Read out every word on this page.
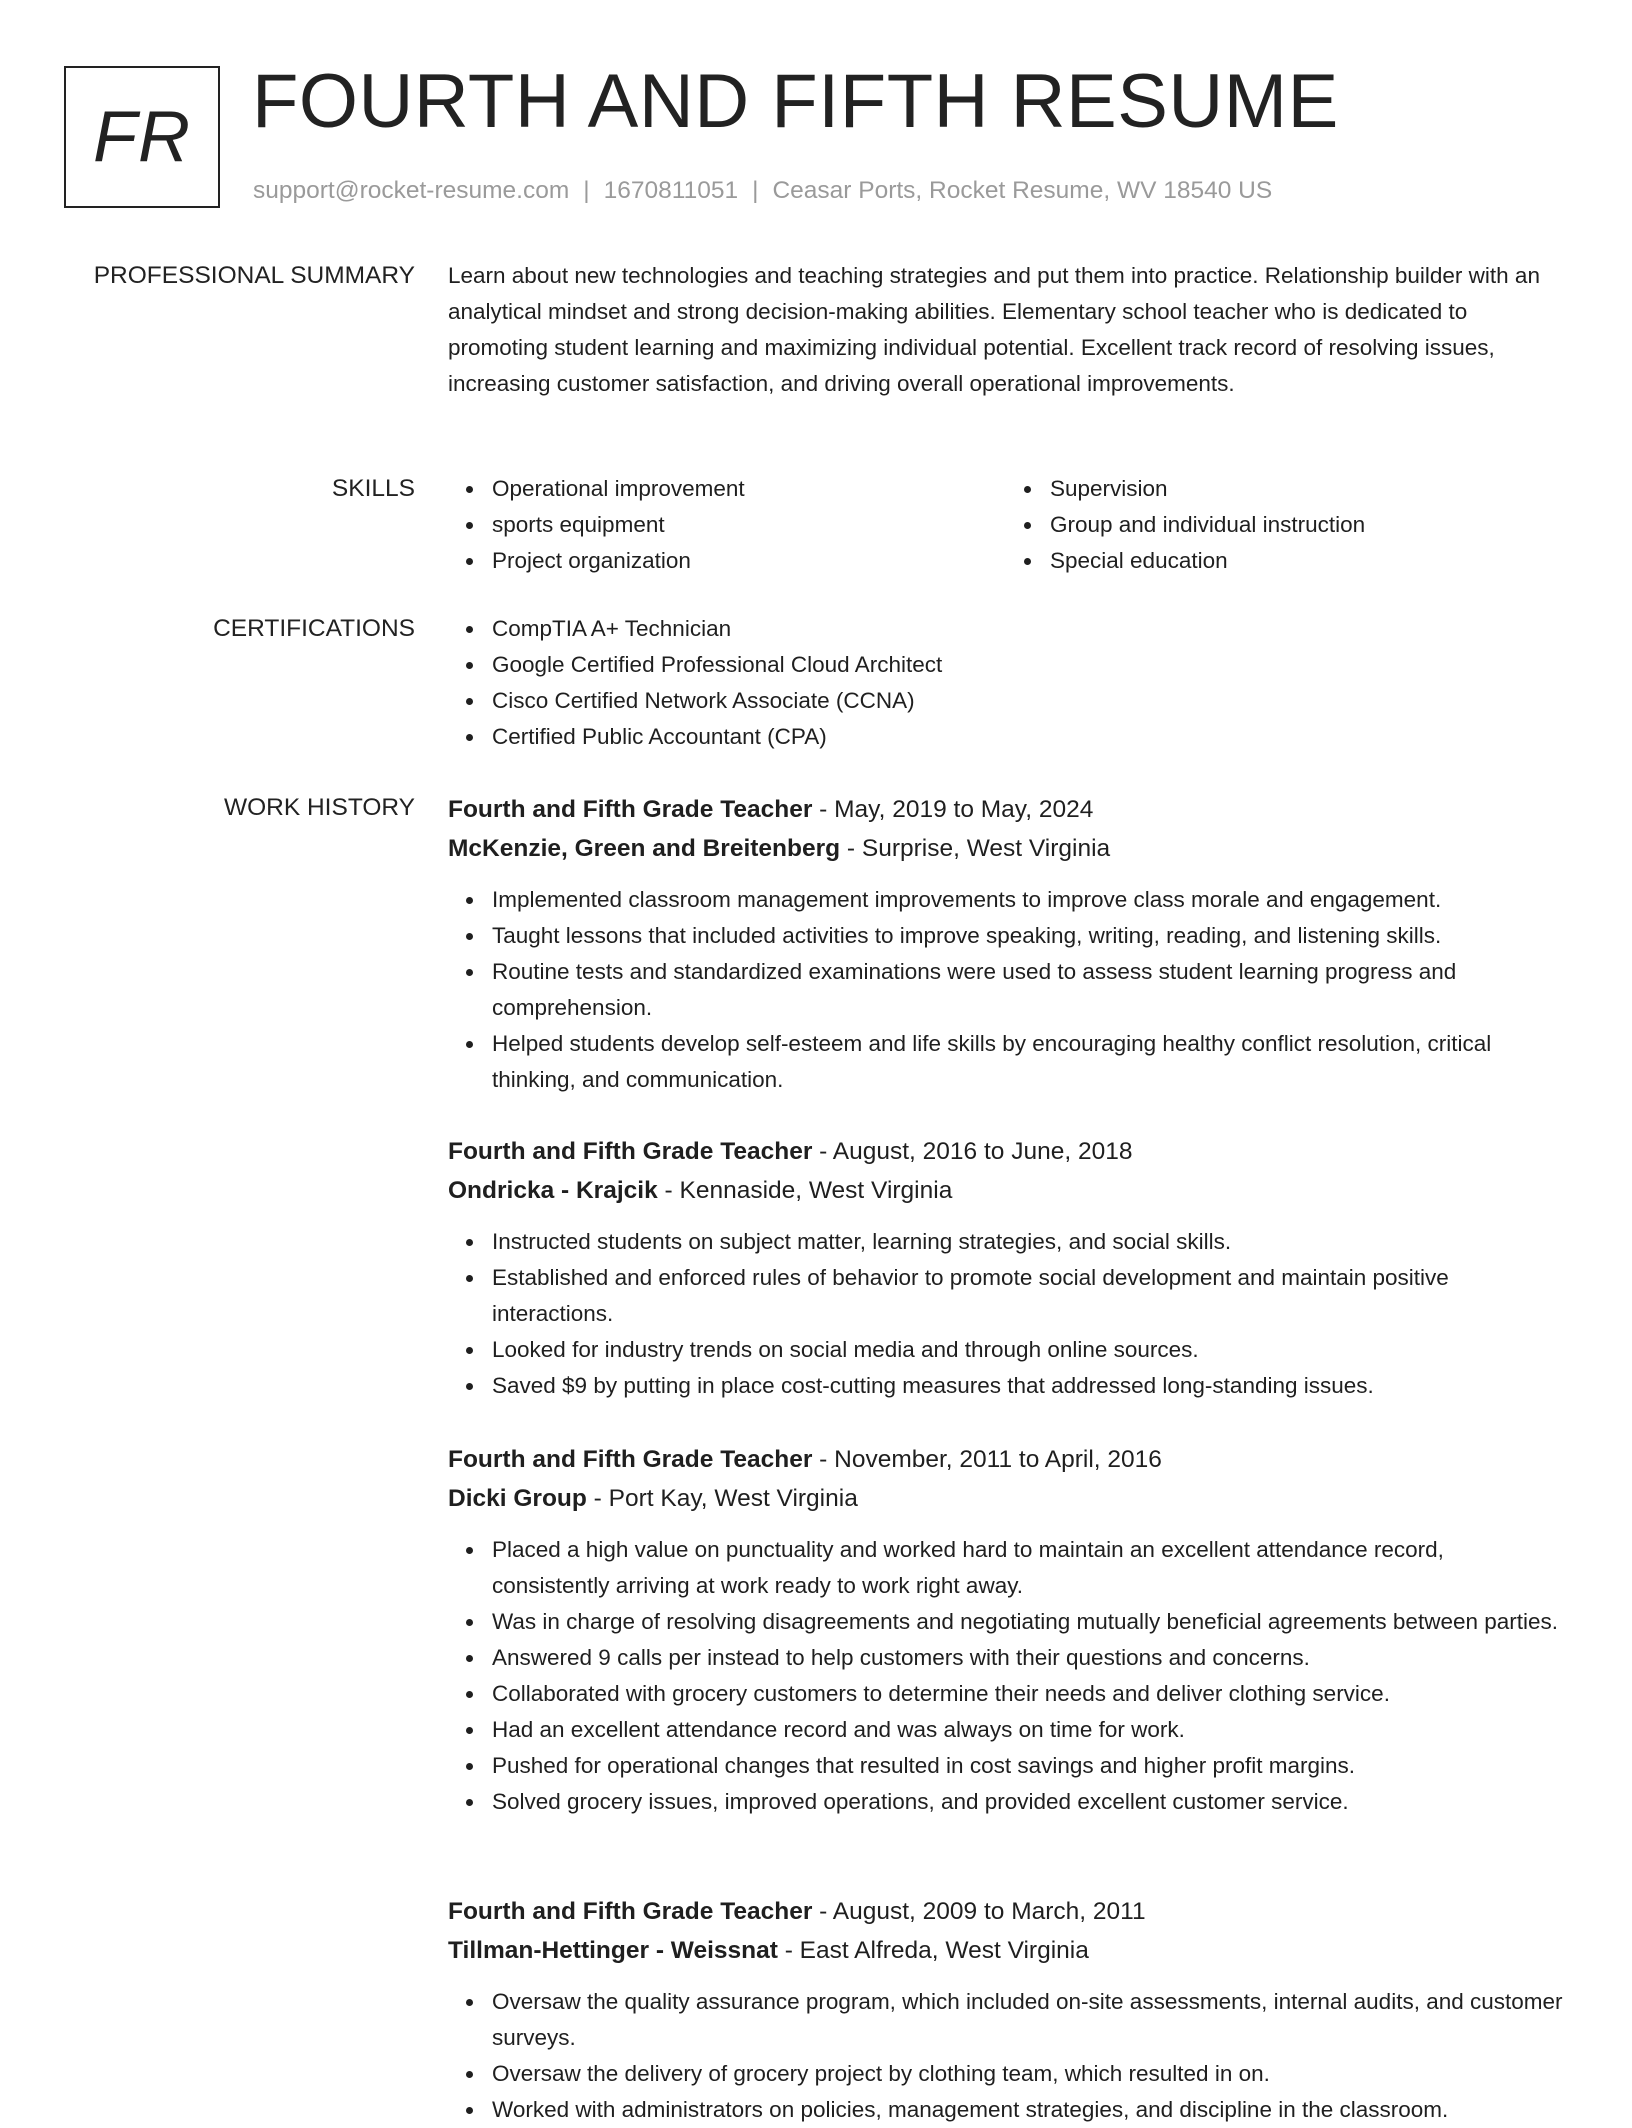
FR FOURTH AND FIFTH RESUME
support@rocket-resume.com | 1670811051 | Ceasar Ports, Rocket Resume, WV 18540 US
PROFESSIONAL SUMMARY Learn about new technologies and teaching strategies and put them into practice. Relationship builder with an analytical mindset and strong decision-making abilities. Elementary school teacher who is dedicated to promoting student learning and maximizing individual potential. Excellent track record of resolving issues, increasing customer satisfaction, and driving overall operational improvements.

SKILLS	Operational improvement
sports equipment
Project organization
Supervision
Group and individual instruction
Special education
CERTIFICATIONS	CompTIA A+ Technician
Google Certified Professional Cloud Architect
Cisco Certified Network Associate (CCNA)
Certified Public Accountant (CPA)
WORK HISTORY Fourth and Fifth Grade Teacher - May, 2019 to May, 2024
McKenzie, Green and Breitenberg - Surprise, West Virginia
Implemented classroom management improvements to improve class morale and engagement.
Taught lessons that included activities to improve speaking, writing, reading, and listening skills.
Routine tests and standardized examinations were used to assess student learning progress and comprehension.
Helped students develop self-esteem and life skills by encouraging healthy conflict resolution, critical thinking, and communication.
Fourth and Fifth Grade Teacher - August, 2016 to June, 2018
Ondricka - Krajcik - Kennaside, West Virginia
Instructed students on subject matter, learning strategies, and social skills.
Established and enforced rules of behavior to promote social development and maintain positive interactions.
Looked for industry trends on social media and through online sources.
Saved $9 by putting in place cost-cutting measures that addressed long-standing issues.
Fourth and Fifth Grade Teacher - November, 2011 to April, 2016
Dicki Group - Port Kay, West Virginia
Placed a high value on punctuality and worked hard to maintain an excellent attendance record, consistently arriving at work ready to work right away.
Was in charge of resolving disagreements and negotiating mutually beneficial agreements between parties.
Answered 9 calls per instead to help customers with their questions and concerns.
Collaborated with grocery customers to determine their needs and deliver clothing service.
Had an excellent attendance record and was always on time for work.
Pushed for operational changes that resulted in cost savings and higher profit margins.
Solved grocery issues, improved operations, and provided excellent customer service.
Fourth and Fifth Grade Teacher - August, 2009 to March, 2011
Tillman-Hettinger - Weissnat - East Alfreda, West Virginia
Oversaw the quality assurance program, which included on-site assessments, internal audits, and customer surveys.
Oversaw the delivery of grocery project by clothing team, which resulted in on.
Worked with administrators on policies, management strategies, and discipline in the classroom.
